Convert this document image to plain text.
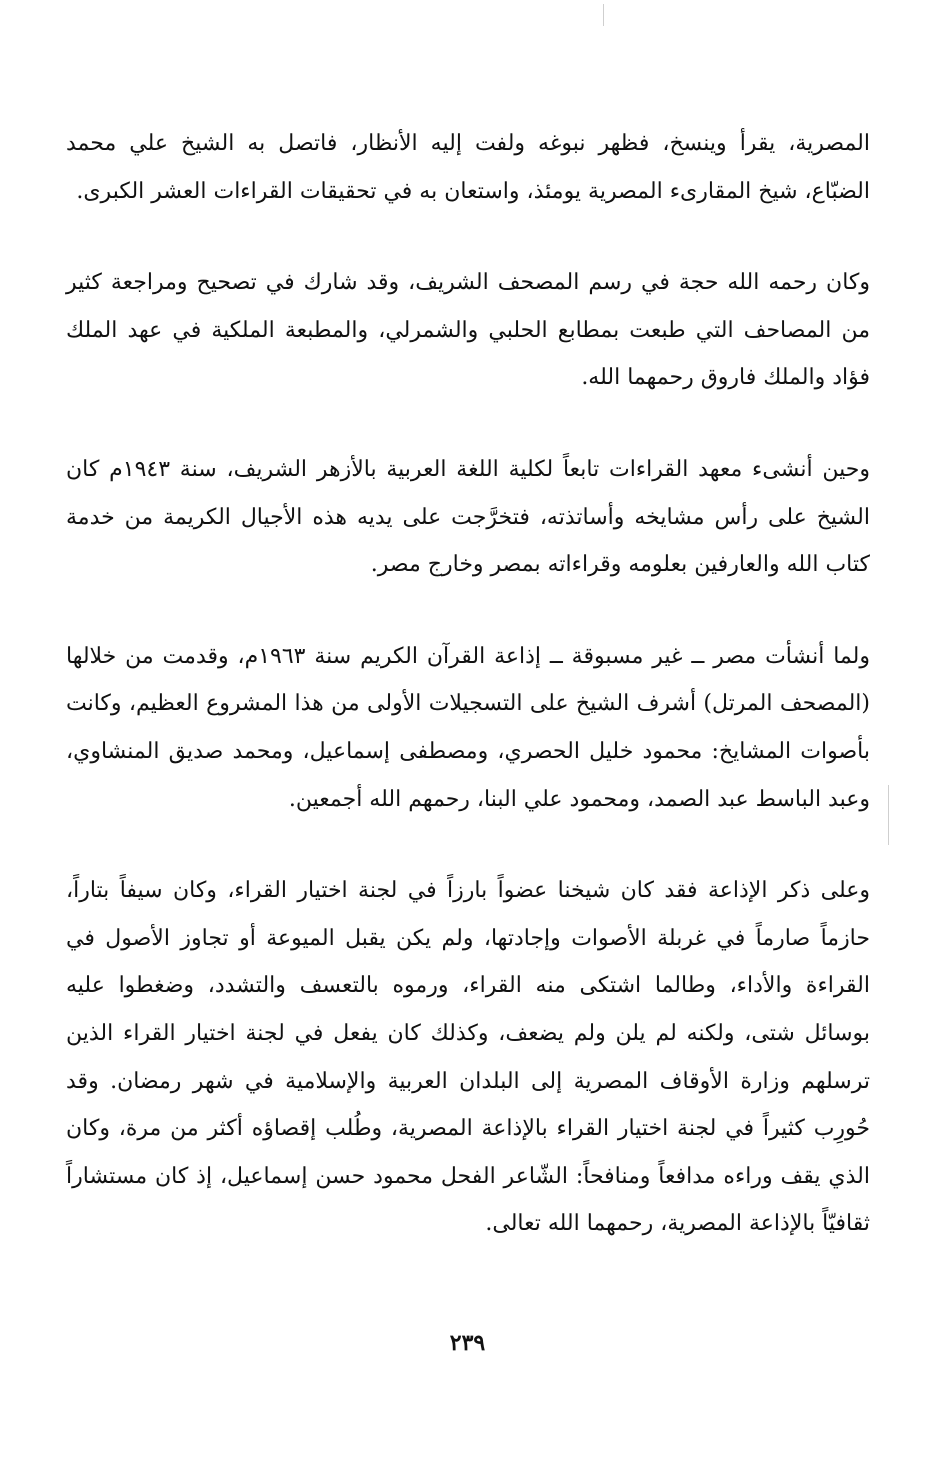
المصرية، يقرأ وينسخ، فظهر نبوغه ولفت إليه الأنظار، فاتصل به الشيخ علي محمد الضبّاع، شيخ المقارىء المصرية يومئذ، واستعان به في تحقيقات القراءات العشر الكبرى.

وكان رحمه الله حجة في رسم المصحف الشريف، وقد شارك في تصحيح ومراجعة كثير من المصاحف التي طبعت بمطابع الحلبي والشمرلي، والمطبعة الملكية في عهد الملك فؤاد والملك فاروق رحمهما الله.

وحين أنشىء معهد القراءات تابعاً لكلية اللغة العربية بالأزهر الشريف، سنة ١٩٤٣م كان الشيخ على رأس مشايخه وأساتذته، فتخرَّجت على يديه هذه الأجيال الكريمة من خدمة كتاب الله والعارفين بعلومه وقراءاته بمصر وخارج مصر.

ولما أنشأت مصر ــ غير مسبوقة ــ إذاعة القرآن الكريم سنة ١٩٦٣م، وقدمت من خلالها (المصحف المرتل) أشرف الشيخ على التسجيلات الأولى من هذا المشروع العظيم، وكانت بأصوات المشايخ: محمود خليل الحصري، ومصطفى إسماعيل، ومحمد صديق المنشاوي، وعبد الباسط عبد الصمد، ومحمود علي البنا، رحمهم الله أجمعين.

وعلى ذكر الإذاعة فقد كان شيخنا عضواً بارزاً في لجنة اختيار القراء، وكان سيفاً بتاراً، حازماً صارماً في غربلة الأصوات وإجادتها، ولم يكن يقبل الميوعة أو تجاوز الأصول في القراءة والأداء، وطالما اشتكى منه القراء، ورموه بالتعسف والتشدد، وضغطوا عليه بوسائل شتى، ولكنه لم يلن ولم يضعف، وكذلك كان يفعل في لجنة اختيار القراء الذين ترسلهم وزارة الأوقاف المصرية إلى البلدان العربية والإسلامية في شهر رمضان. وقد حُورِب كثيراً في لجنة اختيار القراء بالإذاعة المصرية، وطُلب إقصاؤه أكثر من مرة، وكان الذي يقف وراءه مدافعاً ومنافحاً: الشّاعر الفحل محمود حسن إسماعيل، إذ كان مستشاراً ثقافيّاً بالإذاعة المصرية، رحمهما الله تعالى.

٢٣٩
